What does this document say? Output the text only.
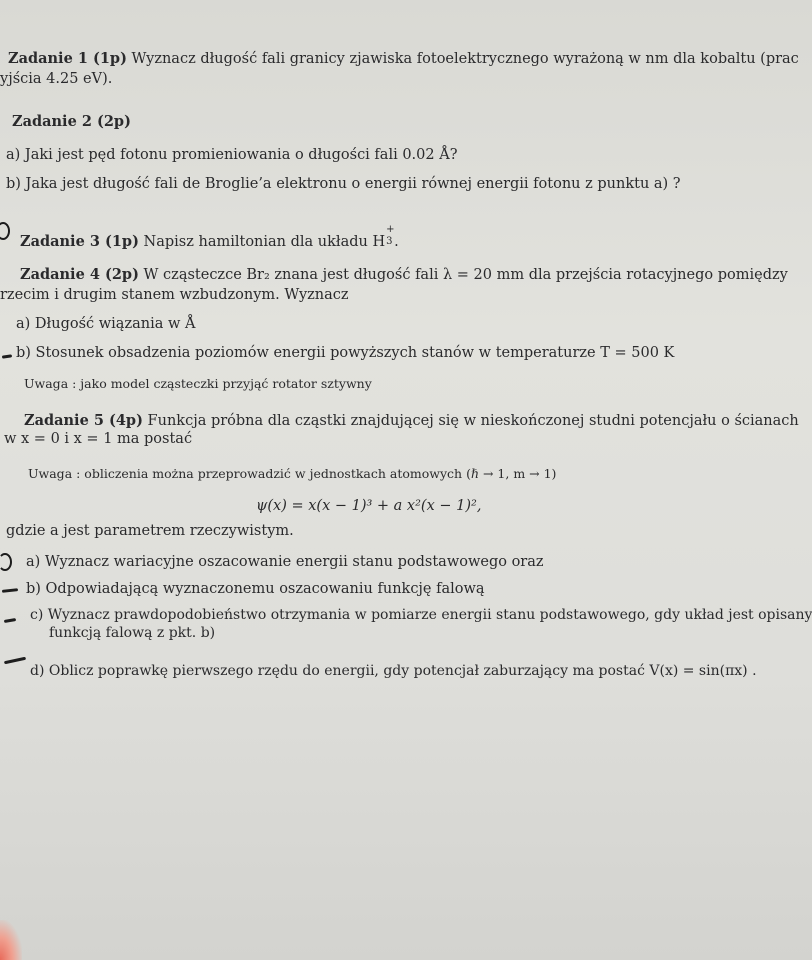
Zadanie 1 (1p) Wyznacz długość fali granicy zjawiska fotoelektrycznego wyrażoną w nm dla kobaltu (prac
yjścia 4.25 eV).
Zadanie 2 (2p)
a) Jaki jest pęd fotonu promieniowania o długości fali 0.02 Å?
b) Jaka jest długość fali de Broglie’a elektronu o energii równej energii fotonu z punktu a) ?
Zadanie 3 (1p) Napisz hamiltonian dla układu H
+
3 .
Zadanie 4 (2p) W cząsteczce Br₂ znana jest długość fali λ = 20 mm dla przejścia rotacyjnego pomiędzy
rzecim i drugim stanem wzbudzonym. Wyznacz
a) Długość wiązania w Å
b) Stosunek obsadzenia poziomów energii powyższych stanów w temperaturze T = 500 K
Uwaga : jako model cząsteczki przyjąć rotator sztywny
Zadanie 5 (4p) Funkcja próbna dla cząstki znajdującej się w nieskończonej studni potencjału o ścianach
w x = 0 i x = 1 ma postać
Uwaga : obliczenia można przeprowadzić w jednostkach atomowych (ℏ → 1, m → 1)
ψ(x) = x(x − 1)³ + a x²(x − 1)²,
gdzie a jest parametrem rzeczywistym.
a) Wyznacz wariacyjne oszacowanie energii stanu podstawowego oraz
b) Odpowiadającą wyznaczonemu oszacowaniu funkcję falową
c) Wyznacz prawdopodobieństwo otrzymania w pomiarze energii stanu podstawowego, gdy układ jest opisany
funkcją falową z pkt. b)
d) Oblicz poprawkę pierwszego rzędu do energii, gdy potencjał zaburzający ma postać V(x) = sin(πx) .
